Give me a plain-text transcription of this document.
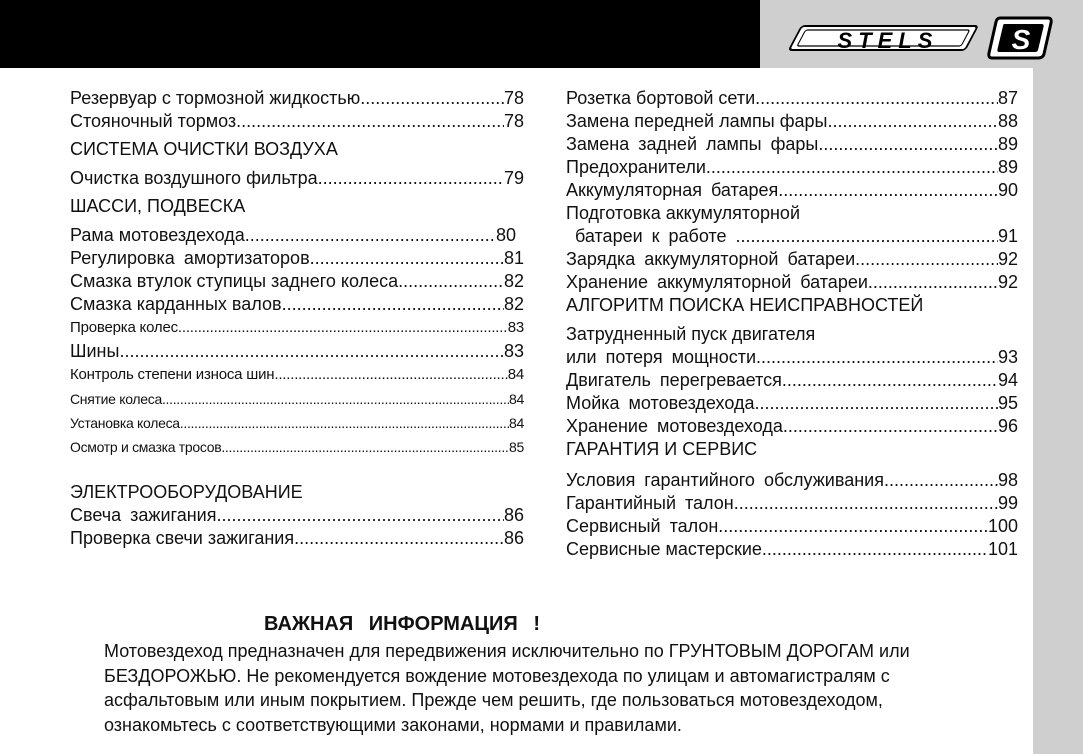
STELS	S
Резервуар с тормозной жидкостью .....	78
Стояночный тормоз .....	78
СИСТЕМА ОЧИСТКИ ВОЗДУХА
Очистка воздушного фильтра .....	79
ШАССИ, ПОДВЕСКА
Рама мотовездехода .....	80
Регулировка амортизаторов .....	81
Смазка втулок ступицы заднего колеса .....	82
Смазка карданных валов .....	82
Проверка колес .....	83
Шины .....	83
Контроль степени износа шин .....	84
Снятие колеса .....	84
Установка колеса .....	84
Осмотр и смазка тросов .....	85
ЭЛЕКТРООБОРУДОВАНИЕ
Свеча зажигания .....	86
Проверка свечи зажигания .....	86
Розетка бортовой сети .....	87
Замена передней лампы фары .....	88
Замена задней лампы фары .....	89
Предохранители .....	89
Аккумуляторная батарея .....	90
Подготовка аккумуляторной
батареи к работе .....	91
Зарядка аккумуляторной батареи .....	92
Хранение аккумуляторной батареи .....	92
АЛГОРИТМ ПОИСКА НЕИСПРАВНОСТЕЙ
Затрудненный пуск двигателя
или потеря мощности .....	93
Двигатель перегревается .....	94
Мойка мотовездехода .....	95
Хранение мотовездехода .....	96
ГАРАНТИЯ И СЕРВИС
Условия гарантийного обслуживания .....	98
Гарантийный талон .....	99
Сервисный талон .....	100
Сервисные мастерские .....	101
ВАЖНАЯ ИНФОРМАЦИЯ !
Мотовездеход предназначен для передвижения исключительно по ГРУНТОВЫМ ДОРОГАМ или
БЕЗДОРОЖЬЮ. Не рекомендуется вождение мотовездехода по улицам и автомагистралям с
асфальтовым или иным покрытием. Прежде чем решить, где пользоваться мотовездеходом,
ознакомьтесь с соответствующими законами, нормами и правилами.
